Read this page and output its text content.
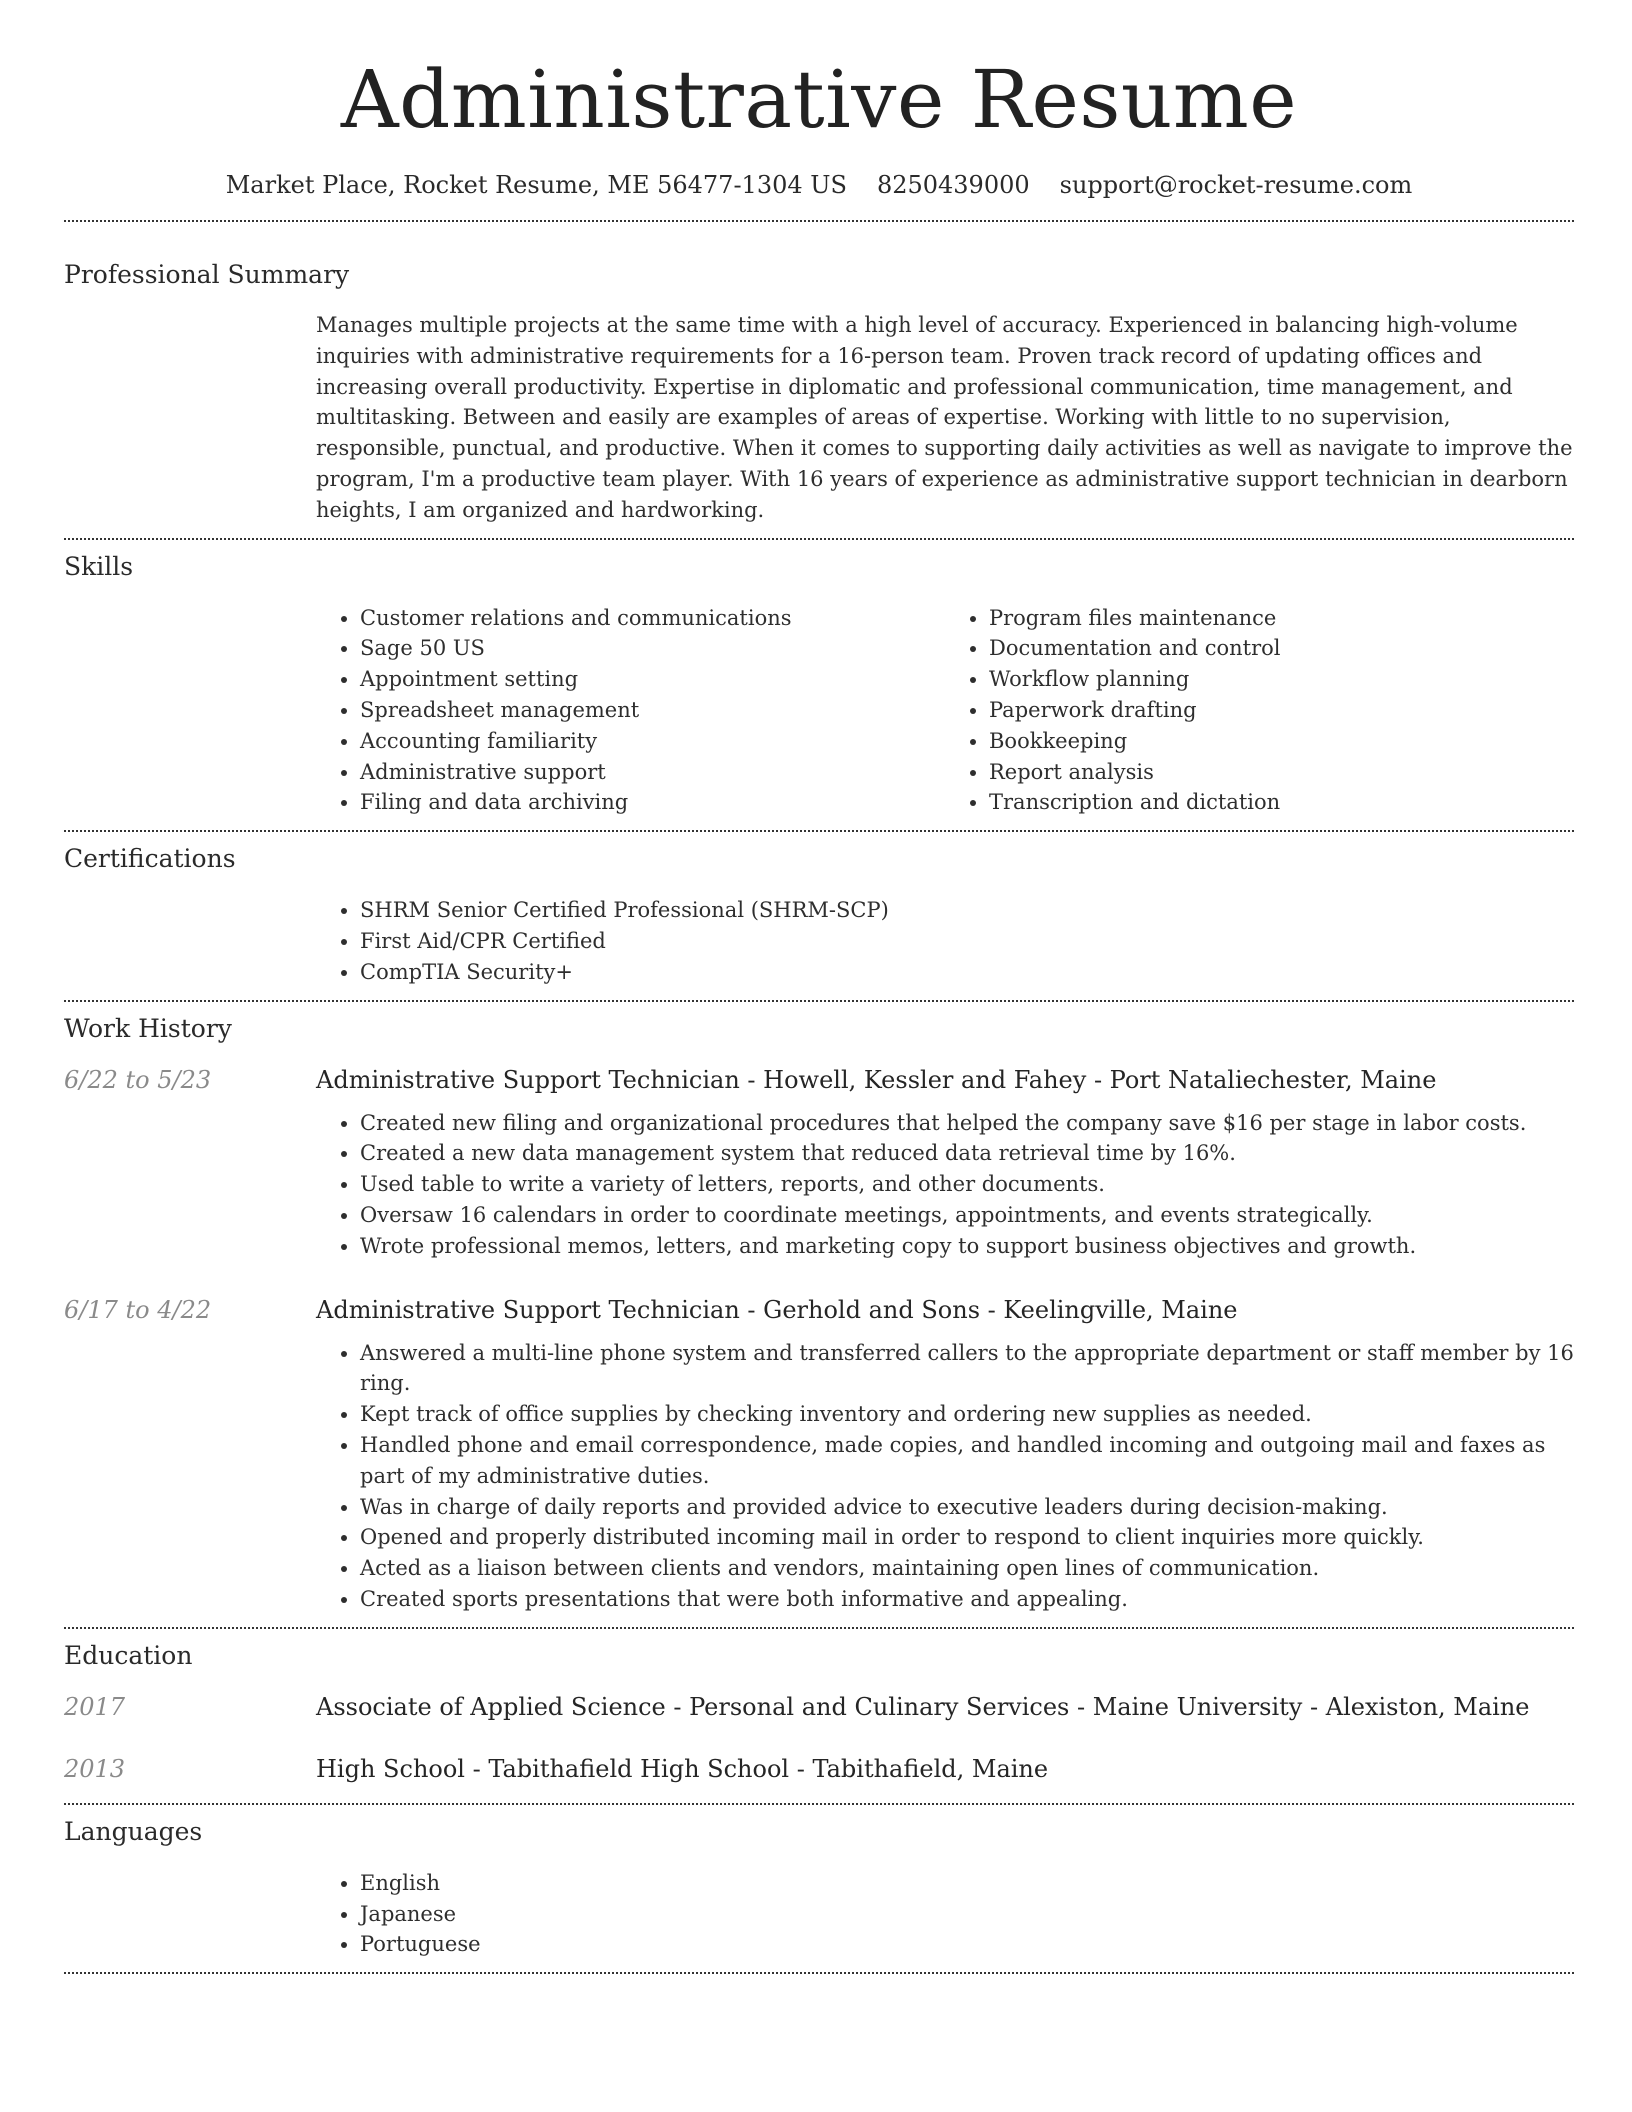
Administrative Resume
Market Place, Rocket Resume, ME 56477-1304 US 8250439000 support@rocket-resume.com
Professional Summary
Manages multiple projects at the same time with a high level of accuracy. Experienced in balancing high-volume inquiries with administrative requirements for a 16-person team. Proven track record of updating offices and increasing overall productivity. Expertise in diplomatic and professional communication, time management, and multitasking. Between and easily are examples of areas of expertise. Working with little to no supervision, responsible, punctual, and productive. When it comes to supporting daily activities as well as navigate to improve the program, I'm a productive team player. With 16 years of experience as administrative support technician in dearborn heights, I am organized and hardworking.
Skills
• Customer relations and communications
• Sage 50 US
• Appointment setting
• Spreadsheet management
• Accounting familiarity
• Administrative support
• Filing and data archiving
• Program files maintenance
• Documentation and control
• Workflow planning
• Paperwork drafting
• Bookkeeping
• Report analysis
• Transcription and dictation
Certifications
• SHRM Senior Certified Professional (SHRM-SCP)
• First Aid/CPR Certified
• CompTIA Security+
Work History
6/22 to 5/23	Administrative Support Technician - Howell, Kessler and Fahey - Port Nataliechester, Maine
• Created new filing and organizational procedures that helped the company save $16 per stage in labor costs.
• Created a new data management system that reduced data retrieval time by 16%.
• Used table to write a variety of letters, reports, and other documents.
• Oversaw 16 calendars in order to coordinate meetings, appointments, and events strategically.
• Wrote professional memos, letters, and marketing copy to support business objectives and growth.
6/17 to 4/22	Administrative Support Technician - Gerhold and Sons - Keelingville, Maine
• Answered a multi-line phone system and transferred callers to the appropriate department or staff member by 16 ring.
• Kept track of office supplies by checking inventory and ordering new supplies as needed.
• Handled phone and email correspondence, made copies, and handled incoming and outgoing mail and faxes as part of my administrative duties.
• Was in charge of daily reports and provided advice to executive leaders during decision-making.
• Opened and properly distributed incoming mail in order to respond to client inquiries more quickly.
• Acted as a liaison between clients and vendors, maintaining open lines of communication.
• Created sports presentations that were both informative and appealing.
Education
2017	Associate of Applied Science - Personal and Culinary Services - Maine University - Alexiston, Maine
2013	High School - Tabithafield High School - Tabithafield, Maine
Languages
• English
• Japanese
• Portuguese
